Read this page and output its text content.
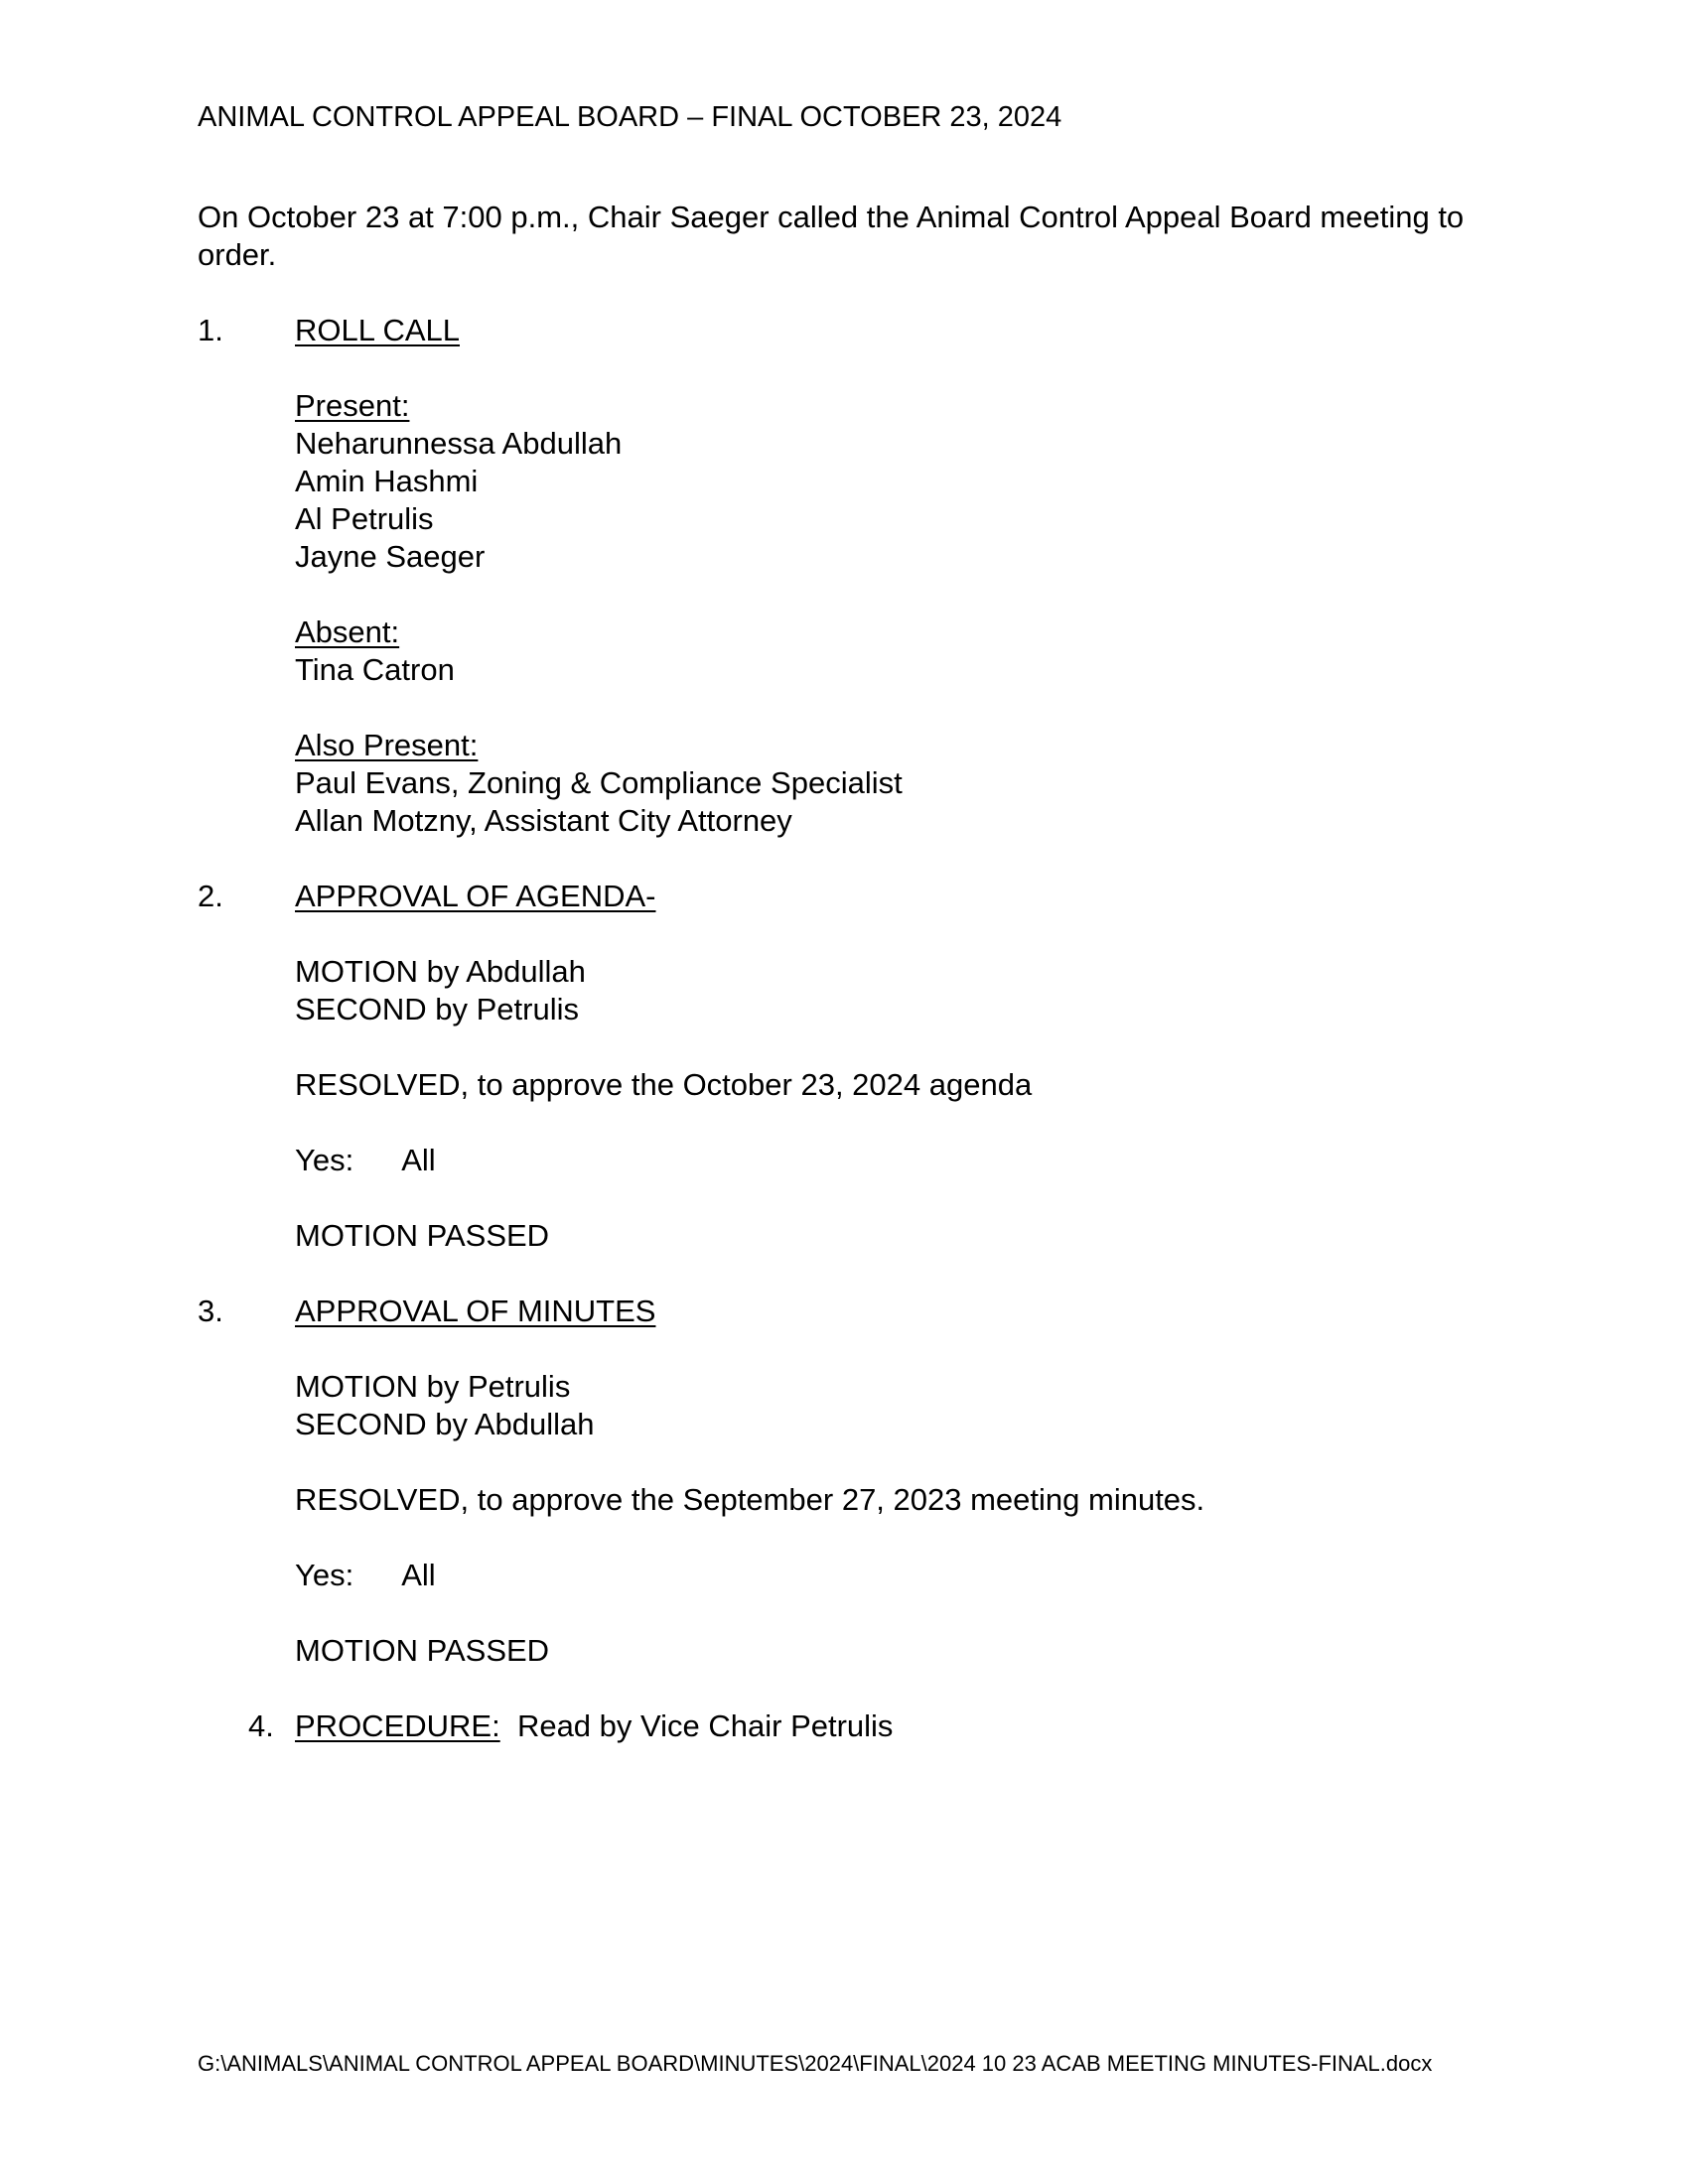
ANIMAL CONTROL APPEAL BOARD – FINAL OCTOBER 23, 2024
On October 23 at 7:00 p.m., Chair Saeger called the Animal Control Appeal Board meeting to order.
1. ROLL CALL
Present:
Neharunnessa Abdullah
Amin Hashmi
Al Petrulis
Jayne Saeger
Absent:
Tina Catron
Also Present:
Paul Evans, Zoning & Compliance Specialist
Allan Motzny, Assistant City Attorney
2. APPROVAL OF AGENDA-
MOTION by Abdullah
SECOND by Petrulis
RESOLVED, to approve the October 23, 2024 agenda
Yes: All
MOTION PASSED
3. APPROVAL OF MINUTES
MOTION by Petrulis
SECOND by Abdullah
RESOLVED, to approve the September 27, 2023 meeting minutes.
Yes: All
MOTION PASSED
4. PROCEDURE: Read by Vice Chair Petrulis
G:\ANIMALS\ANIMAL CONTROL APPEAL BOARD\MINUTES\2024\FINAL\2024 10 23 ACAB MEETING MINUTES-FINAL.docx
